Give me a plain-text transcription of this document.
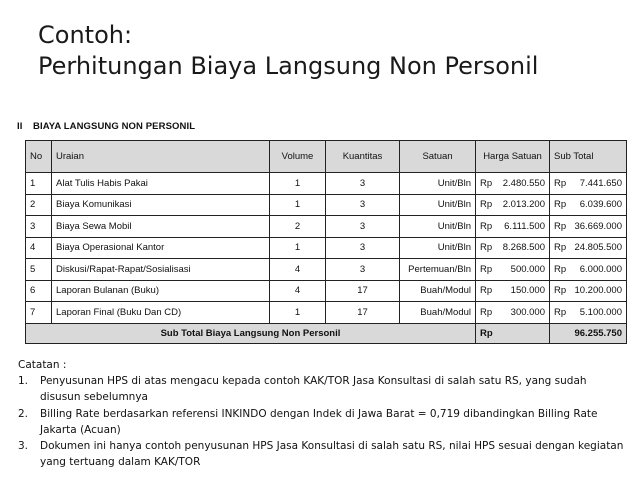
Contoh:
Perhitungan Biaya Langsung Non Personil
II BIAYA LANGSUNG NON PERSONIL
No	Uraian	Volume	Kuantitas	Satuan	Harga Satuan	Sub Total
1	Alat Tulis Habis Pakai	1	3	Unit/Bln	Rp 2.480.550	Rp 7.441.650

2	Biaya Komunikasi	1	3	Unit/Bln	Rp 2.013.200	Rp 6.039.600

3	Biaya Sewa Mobil	2	3	Unit/Bln	Rp 6.111.500	Rp 36.669.000

4	Biaya Operasional Kantor	1	3	Unit/Bln	Rp 8.268.500	Rp 24.805.500

5	Diskusi/Rapat-Rapat/Sosialisasi	4	3	Pertemuan/Bln	Rp 500.000	Rp 6.000.000

6	Laporan Bulanan (Buku)	4	17	Buah/Modul	Rp 150.000	Rp 10.200.000

7	Laporan Final (Buku Dan CD)	1	17	Buah/Modul	Rp 300.000	Rp 5.100.000

Sub Total Biaya Langsung Non Personil					Rp	96.255.750
Catatan :
1. Penyusunan HPS di atas mengacu kepada contoh KAK/TOR Jasa Konsultasi di salah satu RS, yang sudah disusun sebelumnya
2. Billing Rate berdasarkan referensi INKINDO dengan Indek di Jawa Barat = 0,719 dibandingkan Billing Rate Jakarta (Acuan)
3. Dokumen ini hanya contoh penyusunan HPS Jasa Konsultasi di salah satu RS, nilai HPS sesuai dengan kegiatan yang tertuang dalam KAK/TOR
